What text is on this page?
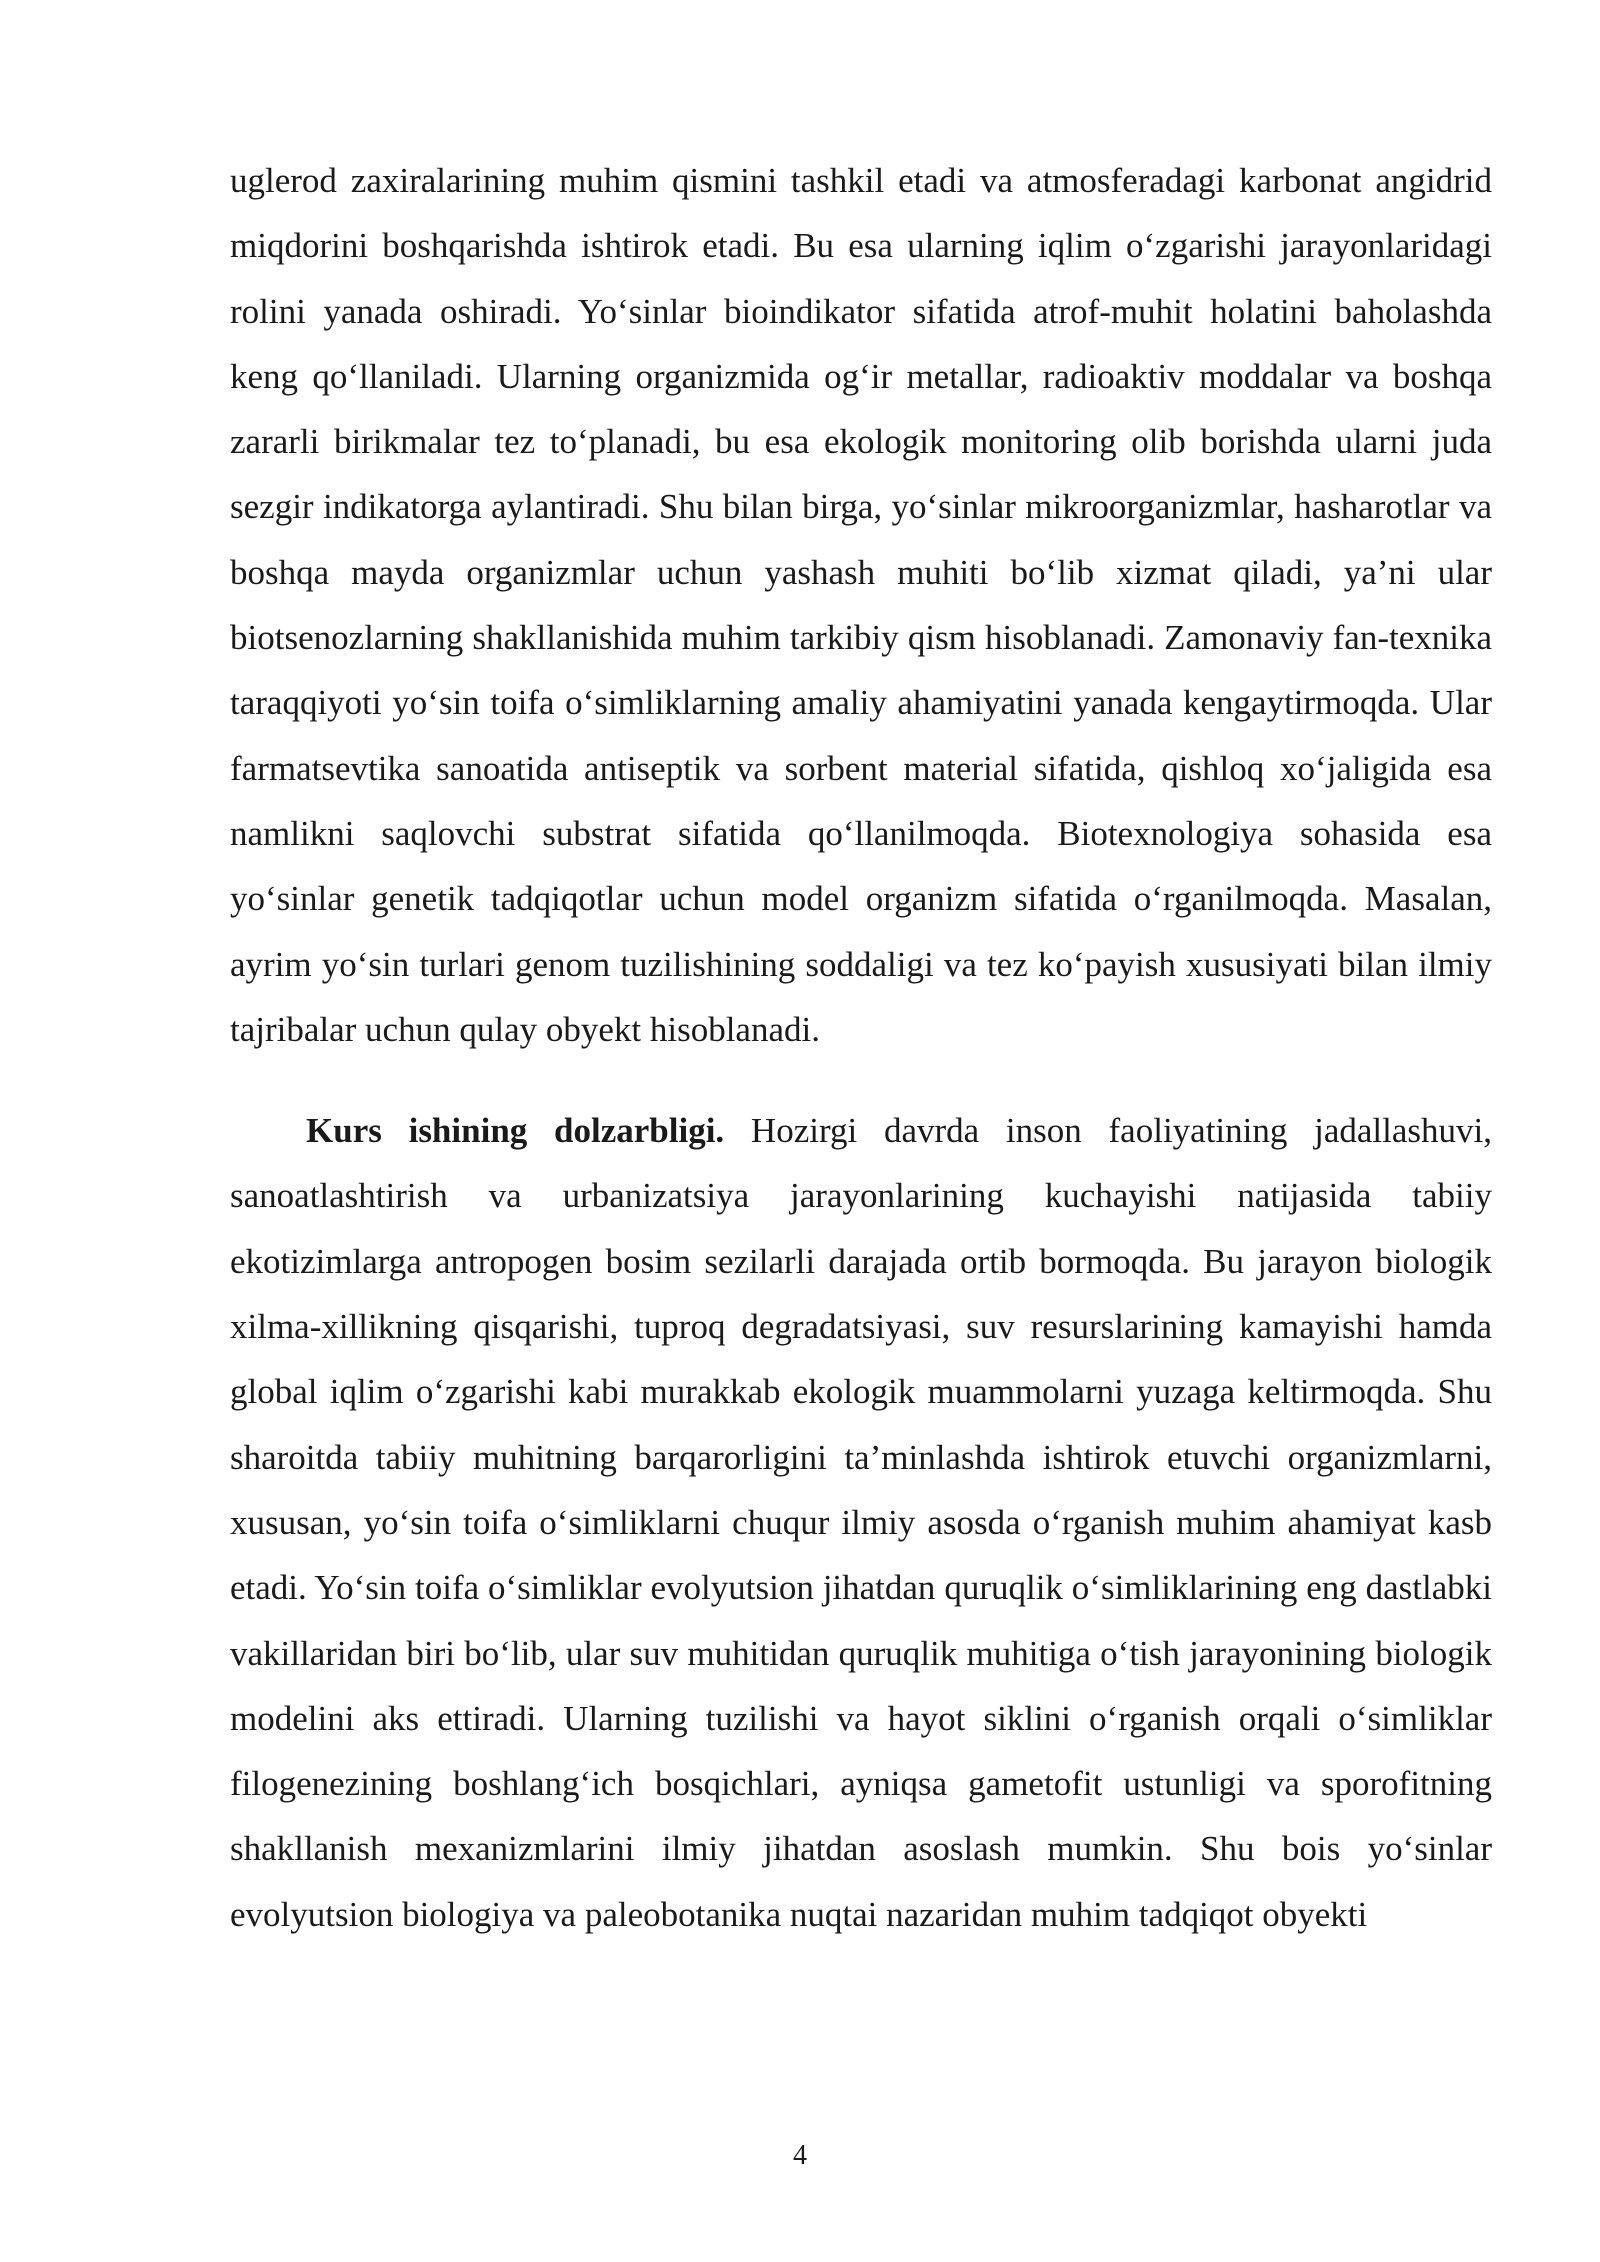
uglerod zaxiralarining muhim qismini tashkil etadi va atmosferadagi karbonat angidrid miqdorini boshqarishda ishtirok etadi. Bu esa ularning iqlim o‘zgarishi jarayonlaridagi rolini yanada oshiradi. Yo‘sinlar bioindikator sifatida atrof-muhit holatini baholashda keng qo‘llaniladi. Ularning organizmida og‘ir metallar, radioaktiv moddalar va boshqa zararli birikmalar tez to‘planadi, bu esa ekologik monitoring olib borishda ularni juda sezgir indikatorga aylantiradi. Shu bilan birga, yo‘sinlar mikroorganizmlar, hasharotlar va boshqa mayda organizmlar uchun yashash muhiti bo‘lib xizmat qiladi, ya’ni ular biotsenozlarning shakllanishida muhim tarkibiy qism hisoblanadi. Zamonaviy fan-texnika taraqqiyoti yo‘sin toifa o‘simliklarning amaliy ahamiyatini yanada kengaytirmoqda. Ular farmatsevtika sanoatida antiseptik va sorbent material sifatida, qishloq xo‘jaligida esa namlikni saqlovchi substrat sifatida qo‘llanilmoqda. Biotexnologiya sohasida esa yo‘sinlar genetik tadqiqotlar uchun model organizm sifatida o‘rganilmoqda. Masalan, ayrim yo‘sin turlari genom tuzilishining soddaligi va tez ko‘payish xususiyati bilan ilmiy tajribalar uchun qulay obyekt hisoblanadi.

Kurs ishining dolzarbligi. Hozirgi davrda inson faoliyatining jadallashuvi, sanoatlashtirish va urbanizatsiya jarayonlarining kuchayishi natijasida tabiiy ekotizimlarga antropogen bosim sezilarli darajada ortib bormoqda. Bu jarayon biologik xilma-xillikning qisqarishi, tuproq degradatsiyasi, suv resurslarining kamayishi hamda global iqlim o‘zgarishi kabi murakkab ekologik muammolarni yuzaga keltirmoqda. Shu sharoitda tabiiy muhitning barqarorligini ta’minlashda ishtirok etuvchi organizmlarni, xususan, yo‘sin toifa o‘simliklarni chuqur ilmiy asosda o‘rganish muhim ahamiyat kasb etadi. Yo‘sin toifa o‘simliklar evolyutsion jihatdan quruqlik o‘simliklarining eng dastlabki vakillaridan biri bo‘lib, ular suv muhitidan quruqlik muhitiga o‘tish jarayonining biologik modelini aks ettiradi. Ularning tuzilishi va hayot siklini o‘rganish orqali o‘simliklar filogenezining boshlang‘ich bosqichlari, ayniqsa gametofit ustunligi va sporofitning shakllanish mexanizmlarini ilmiy jihatdan asoslash mumkin. Shu bois yo‘sinlar evolyutsion biologiya va paleobotanika nuqtai nazaridan muhim tadqiqot obyekti

4
